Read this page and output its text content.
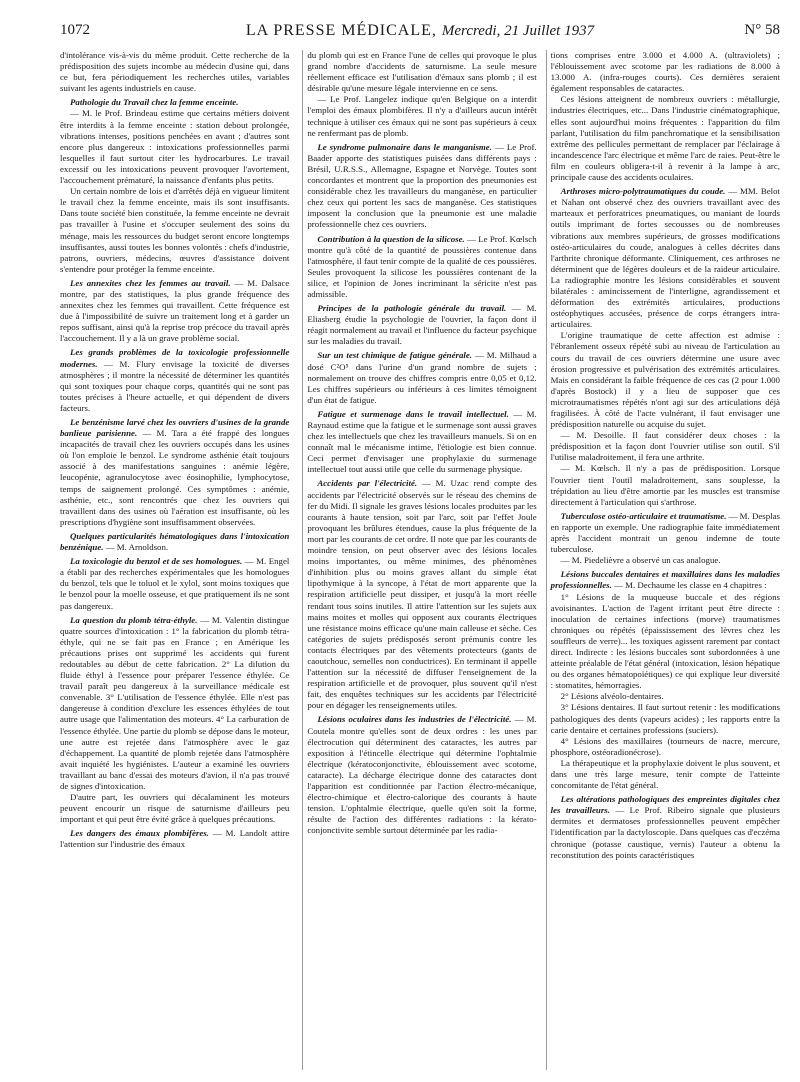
1072	LA PRESSE MÉDICALE, Mercredi, 21 Juillet 1937	N° 58

d'intolérance vis-à-vis du même produit. Cette recherche de la prédisposition des sujets incombe au médecin d'usine qui, dans ce but, fera périodiquement les recherches utiles, variables suivant les agents industriels en cause.

Pathologie du Travail chez la femme enceinte.

— M. le Prof. Brindeau estime que certains métiers doivent être interdits à la femme enceinte : station debout prolongée, vibrations intenses, positions penchées en avant ; d'autres sont encore plus dangereux : intoxications professionnelles parmi lesquelles il faut surtout citer les hydrocarbures. Le travail excessif ou les intoxications peuvent provoquer l'avortement, l'accouchement prématuré, la naissance d'enfants plus petits.

Un certain nombre de lois et d'arrêtés déjà en vigueur limitent le travail chez la femme enceinte, mais ils sont insuffisants. Dans toute société bien constituée, la femme enceinte ne devrait pas travailler à l'usine et s'occuper seulement des soins du ménage, mais les ressources du budget seront encore longtemps insuffisantes, aussi toutes les bonnes volontés : chefs d'industrie, patrons, ouvriers, médecins, œuvres d'assistance doivent s'entendre pour protéger la femme enceinte.

Les annexites chez les femmes au travail. — M. Dalsace montre, par des statistiques, la plus grande fréquence des annexites chez les femmes qui travaillent. Cette fréquence est due à l'impossibilité de suivre un traitement long et à garder un repos suffisant, ainsi qu'à la reprise trop précoce du travail après l'accouchement. Il y a là un grave problème social.

Les grands problèmes de la toxicologie professionnelle modernes. — M. Flury envisage la toxicité de diverses atmosphères ; il montre la nécessité de déterminer les quantités qui sont toxiques pour chaque corps, quantités qui ne sont pas toutes précises à l'heure actuelle, et qui dépendent de divers facteurs.

Le benzénisme larvé chez les ouvriers d'usines de la grande banlieue parisienne. — M. Tara a été frappé des longues incapacités de travail chez les ouvriers occupés dans les usines où l'on emploie le benzol. Le syndrome asthénie était toujours associé à des manifestations sanguines : anémie légère, leucopénie, agranulocytose avec éosinophilie, lymphocytose, temps de saignement prolongé. Ces symptômes : anémie, asthénie, etc., sont rencontrés que chez les ouvriers qui travaillent dans des usines où l'aération est insuffisante, où les prescriptions d'hygiène sont insuffisamment observées.

Quelques particularités hématologiques dans l'intoxication benzénique. — M. Arnoldson.

La toxicologie du benzol et de ses homologues. — M. Engel a établi par des recherches expérimentales que les homologues du benzol, tels que le toluol et le xylol, sont moins toxiques que le benzol pour la moelle osseuse, et que pratiquement ils ne sont pas dangereux.

La question du plomb tétra-éthyle. — M. Valentin distingue quatre sources d'intoxication : 1° la fabrication du plomb tétra-éthyle, qui ne se fait pas en France ; en Amérique les précautions prises ont supprimé les accidents qui furent redoutables au début de cette fabrication. 2° La dilution du fluide éthyl à l'essence pour préparer l'essence éthylée. Ce travail paraît peu dangereux à la surveillance médicale est convenable. 3° L'utilisation de l'essence éthylée. Elle n'est pas dangereuse à condition d'exclure les essences éthylées de tout autre usage que l'alimentation des moteurs. 4° La carburation de l'essence éthylée. Une partie du plomb se dépose dans le moteur, une autre est rejetée dans l'atmosphère avec le gaz d'échappement. La quantité de plomb rejetée dans l'atmosphère avait inquiété les hygiénistes. L'auteur a examiné les ouvriers travaillant au banc d'essai des moteurs d'avion, il n'a pas trouvé de signes d'intoxication.

D'autre part, les ouvriers qui décalaminent les moteurs peuvent encourir un risque de saturnisme d'ailleurs peu important et qui peut être évité grâce à quelques précautions.

Les dangers des émaux plombifères. — M. Landolt attire l'attention sur l'industrie des émaux

du plomb qui est en France l'une de celles qui provoque le plus grand nombre d'accidents de saturnisme. La seule mesure réellement efficace est l'utilisation d'émaux sans plomb ; il est désirable qu'une mesure légale intervienne en ce sens.

— Le Prof. Langelez indique qu'en Belgique on a interdit l'emploi des émaux plombifères. Il n'y a d'ailleurs aucun intérêt technique à utiliser ces émaux qui ne sont pas supérieurs à ceux ne renfermant pas de plomb.

Le syndrome pulmonaire dans le manganisme. — Le Prof. Baader apporte des statistiques puisées dans différents pays : Brésil, U.R.S.S., Allemagne, Espagne et Norvège. Toutes sont concordantes et montrent que la proportion des pneumonies est considérable chez les travailleurs du manganèse, en particulier chez ceux qui portent les sacs de manganèse. Ces statistiques imposent la conclusion que la pneumonie est une maladie professionnelle chez ces ouvriers.

Contribution à la question de la silicose. — Le Prof. Kœlsch montre qu'à côté de la quantité de poussières contenue dans l'atmosphère, il faut tenir compte de la qualité de ces poussières. Seules provoquent la silicose les poussières contenant de la silice, et l'opinion de Jones incriminant la séricite n'est pas admissible.

Principes de la pathologie générale du travail. — M. Eliasberg étudie la psychologie de l'ouvrier, la façon dont il réagit normalement au travail et l'influence du facteur psychique sur les maladies du travail.

Sur un test chimique de fatigue générale. — M. Milhaud a dosé C²O⁵ dans l'urine d'un grand nombre de sujets ; normalement on trouve des chiffres compris entre 0,05 et 0,12. Les chiffres supérieurs ou inférieurs à ces limites témoignent d'un état de fatigue.

Fatigue et surmenage dans le travail intellectuel. — M. Raynaud estime que la fatigue et le surmenage sont aussi graves chez les intellectuels que chez les travailleurs manuels. Si on en connaît mal le mécanisme intime, l'étiologie est bien connue. Ceci permet d'envisager une prophylaxie du surmenage intellectuel tout aussi utile que celle du surmenage physique.

Accidents par l'électricité. — M. Uzac rend compte des accidents par l'électricité observés sur le réseau des chemins de fer du Midi. Il signale les graves lésions locales produites par les courants à haute tension, soit par l'arc, soit par l'effet Joule provoquant les brûlures étendues, cause la plus fréquente de la mort par les courants de cet ordre. Il note que par les courants de moindre tension, on peut observer avec des lésions locales moins importantes, ou même minimes, des phénomènes d'inhibition plus ou moins graves allant du simple état lipothymique à la syncope, à l'état de mort apparente que la respiration artificielle peut dissiper, et jusqu'à la mort réelle rendant tous soins inutiles. Il attire l'attention sur les sujets aux mains moites et molles qui opposent aux courants électriques une résistance moins efficace qu'une main calleuse et sèche. Ces catégories de sujets prédisposés seront prémunis contre les contacts électriques par des vêtements protecteurs (gants de caoutchouc, semelles non conductrices). En terminant il appelle l'attention sur la nécessité de diffuser l'enseignement de la respiration artificielle et de provoquer, plus souvent qu'il n'est fait, des enquêtes techniques sur les accidents par l'électricité pour en dégager les renseignements utiles.

Lésions oculaires dans les industries de l'électricité. — M. Coutela montre qu'elles sont de deux ordres : les unes par électrocution qui déterminent des cataractes, les autres par exposition à l'étincelle électrique qui détermine l'ophtalmie électrique (kératoconjonctivite, éblouissement avec scotome, cataracte). La décharge électrique donne des cataractes dont l'apparition est conditionnée par l'action électro-mécanique, électro-chimique et électro-calorique des courants à haute tension. L'ophtalmie électrique, quelle qu'en soit la forme, résulte de l'action des différentes radiations : la kérato-conjonctivite semble surtout déterminée par les radia-

tions comprises entre 3.000 et 4.000 A. (ultraviolets) ; l'éblouissement avec scotome par les radiations de 8.000 à 13.000 A. (infra-rouges courts). Ces dernières seraient également responsables de cataractes.

Ces lésions atteignent de nombreux ouvriers : métallurgie, industries électriques, etc... Dans l'industrie cinématographique, elles sont aujourd'hui moins fréquentes : l'apparition du film parlant, l'utilisation du film panchromatique et la sensibilisation extrême des pellicules permettant de remplacer par l'éclairage à incandescence l'arc électrique et même l'arc de raies. Peut-être le film en couleurs obligera-t-il à revenir à la lampe à arc, principale cause des accidents oculaires.

Arthroses micro-polytraumatiques du coude. — MM. Belot et Nahan ont observé chez des ouvriers travaillant avec des marteaux et perforatrices pneumatiques, ou maniant de lourds outils imprimant de fortes secousses ou de nombreuses vibrations aux membres supérieurs, de grosses modifications ostéo-articulaires du coude, analogues à celles décrites dans l'arthrite chronique déformante. Cliniquement, ces arthroses ne déterminent que de légères douleurs et de la raideur articulaire. La radiographie montre les lésions considérables et souvent bilatérales : amincissement de l'interligne, agrandissement et déformation des extrémités articulaires, productions ostéophytiques accusées, présence de corps étrangers intra-articulaires.

L'origine traumatique de cette affection est admise : l'ébranlement osseux répété subi au niveau de l'articulation au cours du travail de ces ouvriers détermine une usure avec érosion progressive et pulvérisation des extrémités articulaires. Mais en considérant la faible fréquence de ces cas (2 pour 1.000 d'après Bostock) il y a lieu de supposer que ces microtraumatismes répétés n'ont agi sur des articulations déjà fragilisées. À côté de l'acte vulnérant, il faut envisager une prédisposition naturelle ou acquise du sujet.

— M. Desoille. Il faut considérer deux choses : la prédisposition et la façon dont l'ouvrier utilise son outil. S'il l'utilise maladroitement, il fera une arthrite.

— M. Kœlsch. Il n'y a pas de prédisposition. Lorsque l'ouvrier tient l'outil maladroitement, sans souplesse, la trépidation au lieu d'être amortie par les muscles est transmise directement à l'articulation qui s'arthrose.

Tuberculose ostéo-articulaire et traumatisme. — M. Desplas en rapporte un exemple. Une radiographie faite immédiatement après l'accident montrait un genou indemne de toute tuberculose.

— M. Piedelièvre a observé un cas analogue.

Lésions buccales dentaires et maxillaires dans les maladies professionnelles. — M. Dechaume les classe en 4 chapitres :

1° Lésions de la muqueuse buccale et des régions avoisinantes. L'action de l'agent irritant peut être directe : inoculation de certaines infections (morve) traumatismes chroniques ou répétés (épaississement des lèvres chez les souffleurs de verre)... les toxiques agissent rarement par contact direct. Indirecte : les lésions buccales sont subordonnées à une atteinte préalable de l'état général (intoxication, lésion hépatique ou des organes hématopoïétiques) ce qui explique leur diversité : stomatites, hémorragies.

2° Lésions alvéolo-dentaires.

3° Lésions dentaires. Il faut surtout retenir : les modifications pathologiques des dents (vapeurs acides) ; les rapports entre la carie dentaire et certaines professions (suciers).

4° Lésions des maxillaires (tourneurs de nacre, mercure, phosphore, ostéoradionécrose).

La thérapeutique et la prophylaxie doivent le plus souvent, et dans une très large mesure, tenir compte de l'atteinte concomitante de l'état général.

Les altérations pathologiques des empreintes digitales chez les travailleurs. — Le Prof. Ribeiro signale que plusieurs dermites et dermatoses professionnelles peuvent empêcher l'identification par la dactyloscopie. Dans quelques cas d'eczéma chronique (potasse caustique, vernis) l'auteur a obtenu la reconstitution des points caractéristiques
